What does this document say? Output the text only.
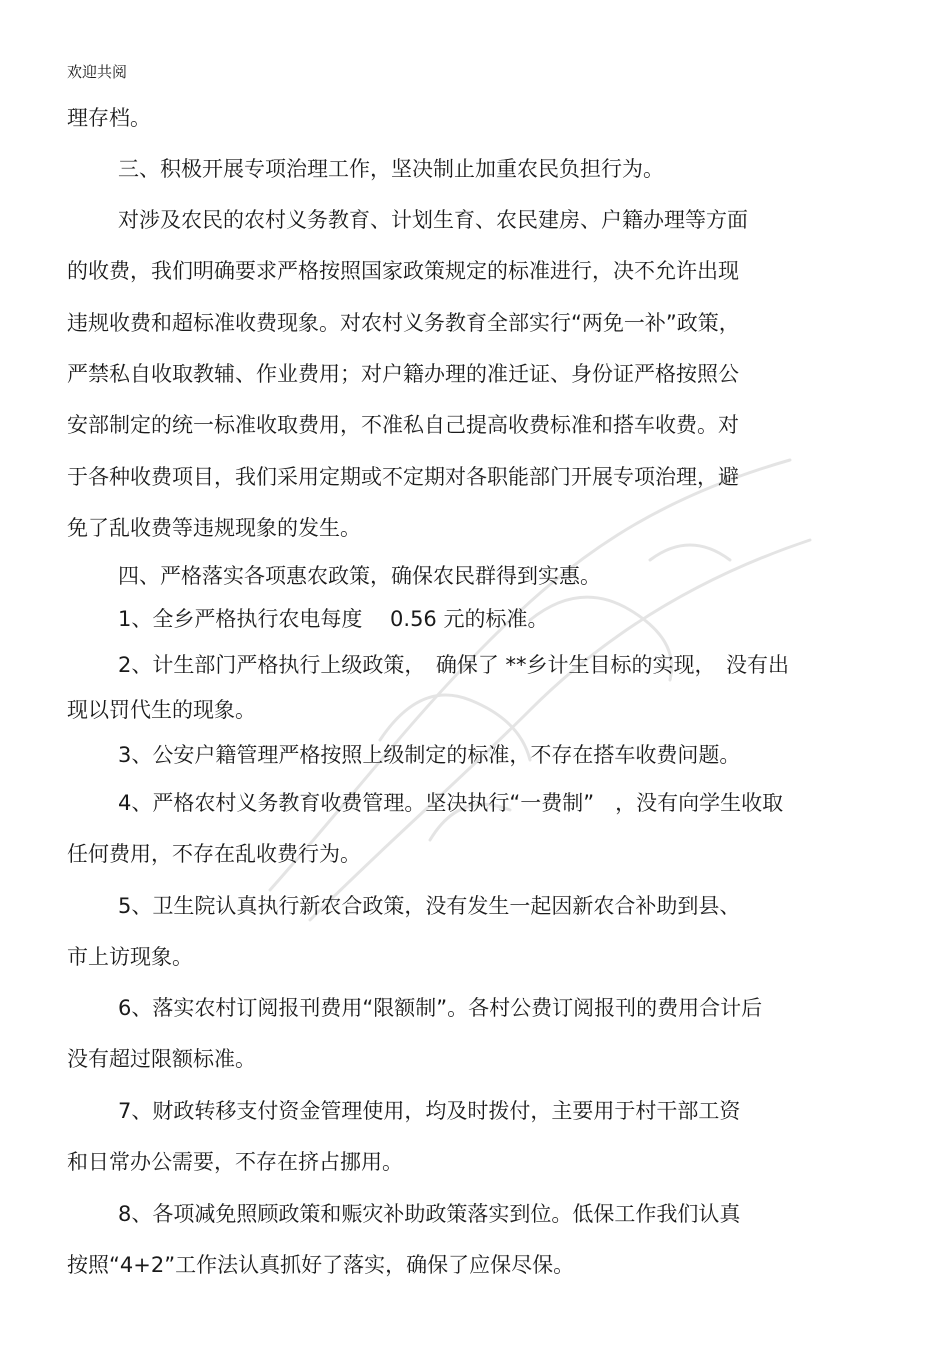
欢迎共阅
理存档。
三、积极开展专项治理工作，坚决制止加重农民负担行为。
对涉及农民的农村义务教育、计划生育、农民建房、户籍办理等方面
的收费，我们明确要求严格按照国家政策规定的标准进行，决不允许出现
违规收费和超标准收费现象。对农村义务教育全部实行“两免一补”政策，
严禁私自收取教辅、作业费用；对户籍办理的准迁证、身份证严格按照公
安部制定的统一标准收取费用，不准私自己提高收费标准和搭车收费。对
于各种收费项目，我们采用定期或不定期对各职能部门开展专项治理，避
免了乱收费等违规现象的发生。
四、严格落实各项惠农政策，确保农民群得到实惠。
1、全乡严格执行农电每度　 0.56 元的标准。
2、计生部门严格执行上级政策，　确保了 **乡计生目标的实现，　没有出
现以罚代生的现象。
3、公安户籍管理严格按照上级制定的标准，不存在搭车收费问题。
4、严格农村义务教育收费管理。坚决执行“一费制”　，没有向学生收取
任何费用，不存在乱收费行为。
5、卫生院认真执行新农合政策，没有发生一起因新农合补助到县、
市上访现象。
6、落实农村订阅报刊费用“限额制”。各村公费订阅报刊的费用合计后
没有超过限额标准。
7、财政转移支付资金管理使用，均及时拨付，主要用于村干部工资
和日常办公需要，不存在挤占挪用。
8、各项减免照顾政策和赈灾补助政策落实到位。低保工作我们认真
按照“4+2”工作法认真抓好了落实，确保了应保尽保。
